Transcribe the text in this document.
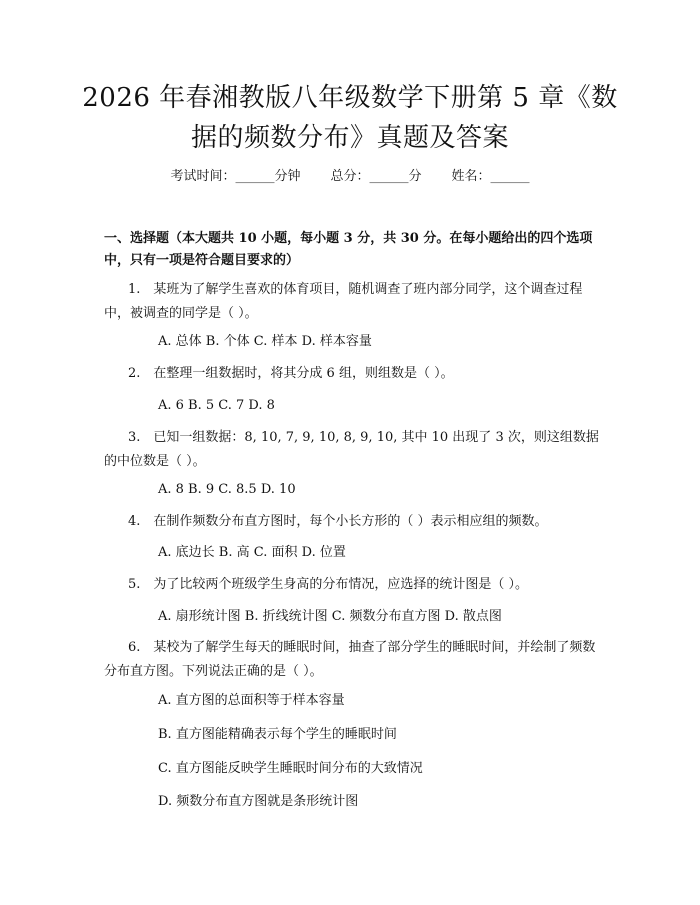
2026 年春湘教版八年级数学下册第 5 章《数据的频数分布》真题及答案
考试时间：______分钟 总分：______分 姓名：______
一、选择题（本大题共 10 小题，每小题 3 分，共 30 分。在每小题给出的四个选项中，只有一项是符合题目要求的）
1.　某班为了解学生喜欢的体育项目，随机调查了班内部分同学，这个调查过程中，被调查的同学是（ ）。
A. 总体 B. 个体 C. 样本 D. 样本容量
2.　在整理一组数据时，将其分成 6 组，则组数是（ ）。
A. 6 B. 5 C. 7 D. 8
3.　已知一组数据：8, 10, 7, 9, 10, 8, 9, 10, 其中 10 出现了 3 次，则这组数据的中位数是（ ）。
A. 8 B. 9 C. 8.5 D. 10
4.　在制作频数分布直方图时，每个小长方形的（ ）表示相应组的频数。
A. 底边长 B. 高 C. 面积 D. 位置
5.　为了比较两个班级学生身高的分布情况，应选择的统计图是（ ）。
A. 扇形统计图 B. 折线统计图 C. 频数分布直方图 D. 散点图
6.　某校为了解学生每天的睡眠时间，抽查了部分学生的睡眠时间，并绘制了频数分布直方图。下列说法正确的是（ ）。
A. 直方图的总面积等于样本容量
B. 直方图能精确表示每个学生的睡眠时间
C. 直方图能反映学生睡眠时间分布的大致情况
D. 频数分布直方图就是条形统计图
